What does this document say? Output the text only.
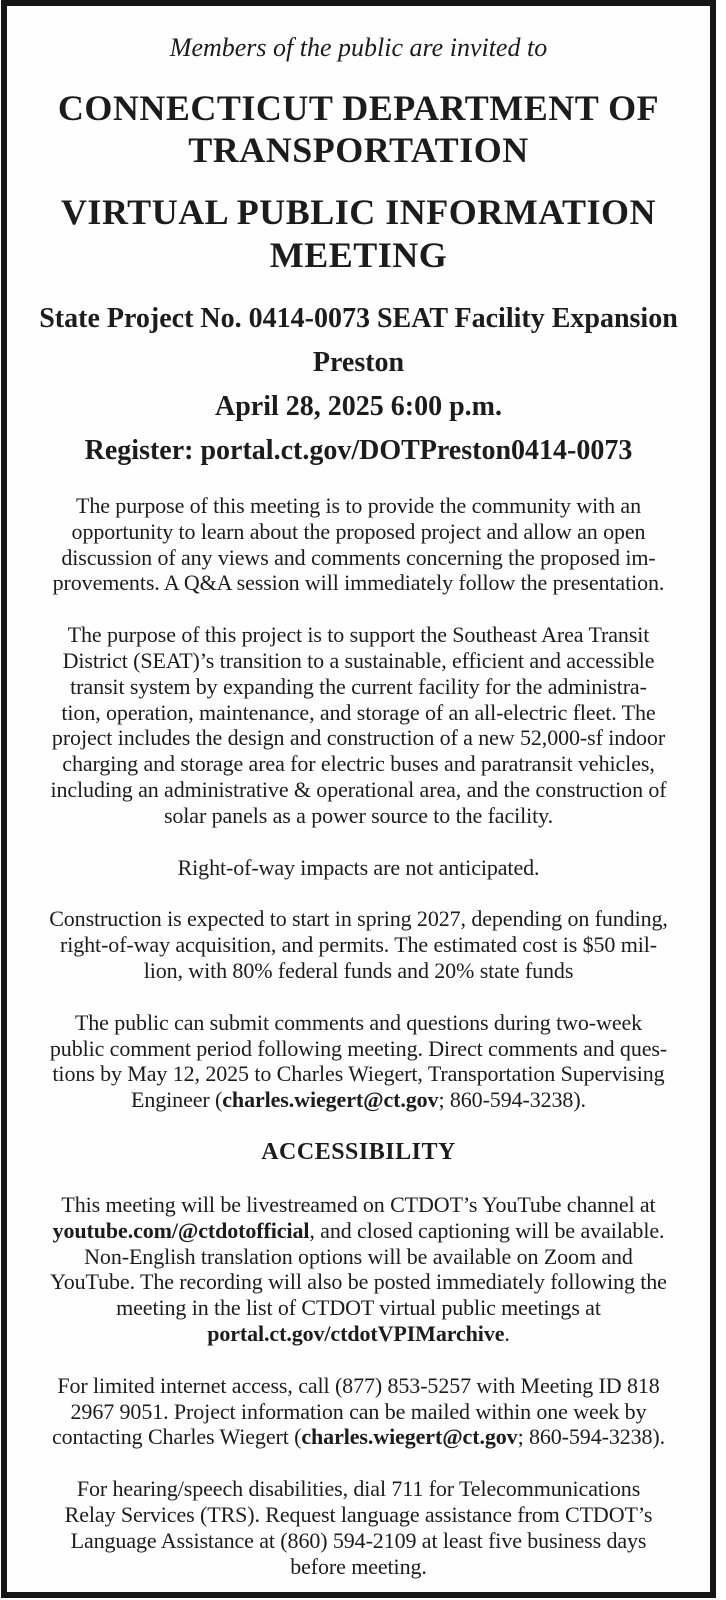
Members of the public are invited to

CONNECTICUT DEPARTMENT OF TRANSPORTATION
VIRTUAL PUBLIC INFORMATION MEETING

State Project No. 0414-0073 SEAT Facility Expansion

Preston

April 28, 2025 6:00 p.m.

Register: portal.ct.gov/DOTPreston0414-0073

The purpose of this meeting is to provide the community with an
opportunity to learn about the proposed project and allow an open
discussion of any views and comments concerning the proposed im-
provements. A Q&A session will immediately follow the presentation.

The purpose of this project is to support the Southeast Area Transit
District (SEAT)’s transition to a sustainable, efficient and accessible
transit system by expanding the current facility for the administra-
tion, operation, maintenance, and storage of an all-electric fleet. The
project includes the design and construction of a new 52,000-sf indoor
charging and storage area for electric buses and paratransit vehicles,
including an administrative & operational area, and the construction of
solar panels as a power source to the facility.

Right-of-way impacts are not anticipated.

Construction is expected to start in spring 2027, depending on funding,
right-of-way acquisition, and permits. The estimated cost is $50 mil-
lion, with 80% federal funds and 20% state funds

The public can submit comments and questions during two-week
public comment period following meeting. Direct comments and ques-
tions by May 12, 2025 to Charles Wiegert, Transportation Supervising
Engineer (charles.wiegert@ct.gov; 860-594-3238).

ACCESSIBILITY

This meeting will be livestreamed on CTDOT’s YouTube channel at
youtube.com/@ctdotofficial, and closed captioning will be available.
Non-English translation options will be available on Zoom and
YouTube. The recording will also be posted immediately following the
meeting in the list of CTDOT virtual public meetings at
portal.ct.gov/ctdotVPIMarchive.

For limited internet access, call (877) 853-5257 with Meeting ID 818
2967 9051. Project information can be mailed within one week by
contacting Charles Wiegert (charles.wiegert@ct.gov; 860-594-3238).

For hearing/speech disabilities, dial 711 for Telecommunications
Relay Services (TRS). Request language assistance from CTDOT’s
Language Assistance at (860) 594-2109 at least five business days
before meeting.
